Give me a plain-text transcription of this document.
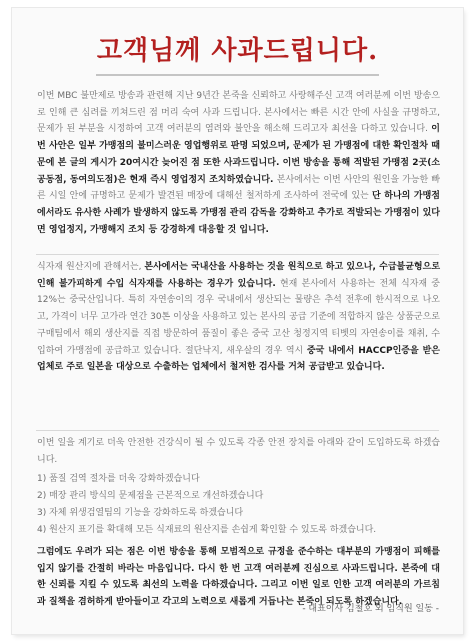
고객님께 사과드립니다.
이번 MBC 불만제로 방송과 관련해 지난 9년간 본죽을 신뢰하고 사랑해주신 고객 여러분께 이번 방송으로 인해 큰 심려를 끼쳐드린 점 머리 숙여 사과 드립니다. 본사에서는 빠른 시간 안에 사실을 규명하고, 문제가 된 부분을 시정하여 고객 여러분의 염려와 불안을 해소해 드리고자 최선을 다하고 있습니다. 이번 사안은 일부 가맹점의 불미스러운 영업행위로 판명 되었으며, 문제가 된 가맹점에 대한 확인절차 때문에 본 글의 게시가 20여시간 늦어진 점 또한 사과드립니다. 이번 방송을 통해 적발된 가맹점 2곳(소공동점, 동여의도점)은 현재 즉시 영업정지 조치하였습니다. 본사에서는 이번 사안의 원인을 가능한 빠른 시일 안에 규명하고 문제가 발견된 매장에 대해선 철저하게 조사하여 전국에 있는 단 하나의 가맹점에서라도 유사한 사례가 발생하지 않도록 가맹점 관리 감독을 강화하고 추가로 적발되는 가맹점이 있다면 영업정지, 가맹해지 조치 등 강경하게 대응할 것 입니다.
식자재 원산지에 관해서는, 본사에서는 국내산을 사용하는 것을 원칙으로 하고 있으나, 수급불균형으로 인해 불가피하게 수입 식자재를 사용하는 경우가 있습니다. 현재 본사에서 사용하는 전체 식자재 중 12%는 중국산입니다. 특히 자연송이의 경우 국내에서 생산되는 물량은 추석 전후에 한시적으로 나오고, 가격이 너무 고가라 연간 30톤 이상을 사용하고 있는 본사의 공급 기준에 적합하지 않은 상품군으로 구매팀에서 해외 생산지를 직접 방문하여 품질이 좋은 중국 고산 청정지역 티벳의 자연송이를 채취, 수입하여 가맹점에 공급하고 있습니다. 절단낙지, 새우살의 경우 역시 중국 내에서 HACCP인증을 받은 업체로 주로 일본을 대상으로 수출하는 업체에서 철저한 검사를 거쳐 공급받고 있습니다.
이번 일을 계기로 더욱 안전한 건강식이 될 수 있도록 각종 안전 장치를 아래와 같이 도입하도록 하겠습니다.
1) 품질 검역 절차를 더욱 강화하겠습니다
2) 매장 관리 방식의 문제점을 근본적으로 개선하겠습니다
3) 자체 위생검열팀의 기능을 강화하도록 하겠습니다
4) 원산지 표기를 확대해 모든 식재료의 원산지를 손쉽게 확인할 수 있도록 하겠습니다.
그럼에도 우려가 되는 점은 이번 방송을 통해 모범적으로 규정을 준수하는 대부분의 가맹점이 피해를 입지 않기를 간절히 바라는 마음입니다. 다시 한 번 고객 여러분께 진심으로 사과드립니다. 본죽에 대한 신뢰를 지킬 수 있도록 최선의 노력을 다하겠습니다. 그리고 이번 일로 인한 고객 여러분의 가르침과 질책을 겸허하게 받아들이고 각고의 노력으로 새롭게 거듭나는 본죽이 되도록 하겠습니다.
- 대표이사 김철호 외 임직원 일동 -
